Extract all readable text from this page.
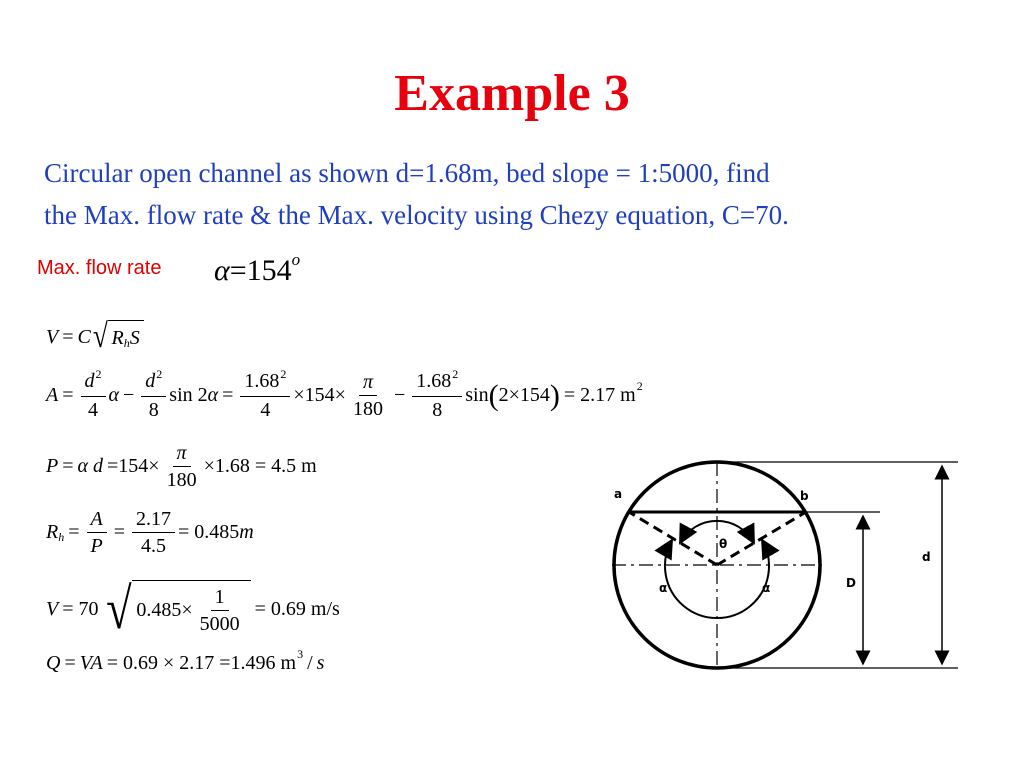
Example 3
Circular open channel as shown d=1.68m, bed slope = 1:5000, find
the Max. flow rate & the Max. velocity using Chezy equation, C=70.
Max. flow rate $\alpha=154^o$
V = C √ R h S
$A = \frac{d^2}{4}$ $\alpha - \frac{d^2}{8}$ sin 2 $\alpha = \frac{1.68^2}{4} \times 154\times \frac{\pi}{180} - \frac{1.68^2}{8}$ sin ( 2×154 ) = 2.17 m 2
P = α
$d =154\times \frac{\pi}{180} \times 1.68 = 4.5$ m
R $h = \frac{A}{P} = \frac{2.17}{4.5} = 0.485$ m
V = 70 √ $0.485\times \frac{1}{5000} = 0.69$ m/s
Q = VA = 0.69 × 2.17 =1.496 m 3 / s
a	b
θ
α	α	D
d
